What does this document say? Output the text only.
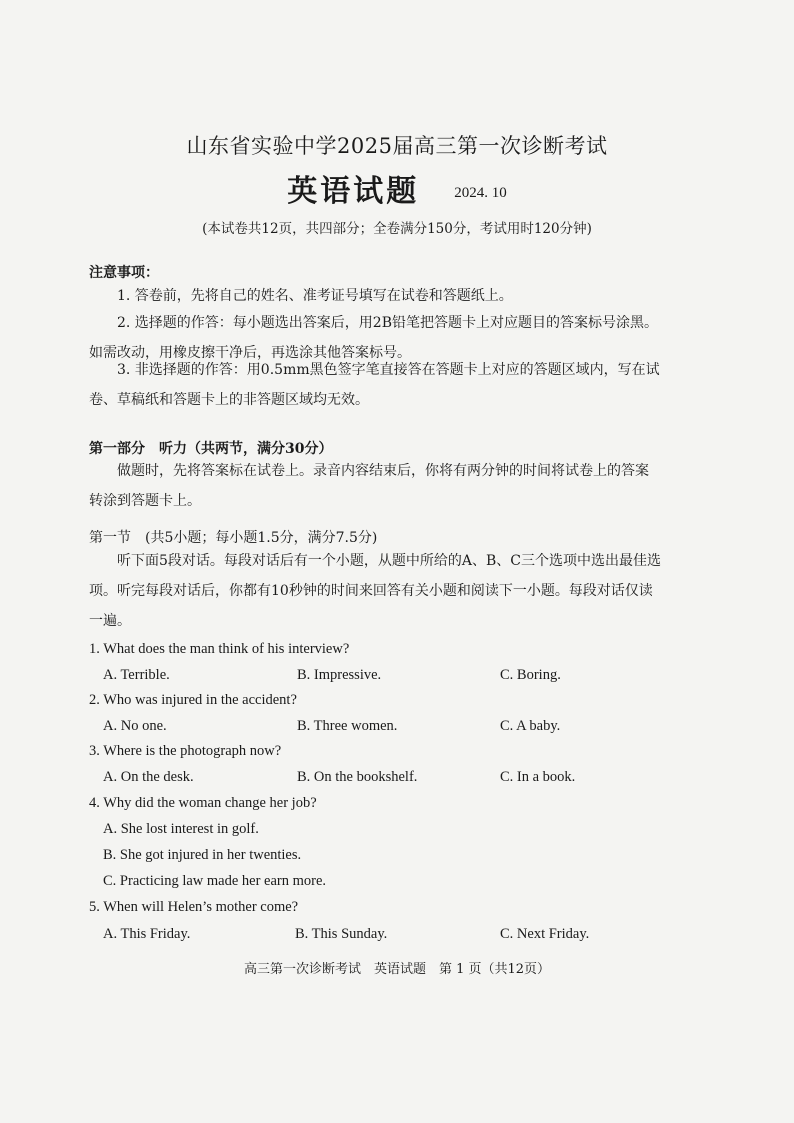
山东省实验中学2025届高三第一次诊断考试
英语试题 2024. 10
(本试卷共12页，共四部分；全卷满分150分，考试用时120分钟)
注意事项：

1. 答卷前，先将自己的姓名、准考证号填写在试卷和答题纸上。

2. 选择题的作答：每小题选出答案后，用2B铅笔把答题卡上对应题目的答案标号涂黑。如需改动，用橡皮擦干净后，再选涂其他答案标号。

3. 非选择题的作答：用0.5mm黑色签字笔直接答在答题卡上对应的答题区域内，写在试卷、草稿纸和答题卡上的非答题区域均无效。

第一部分　听力（共两节，满分30分）

做题时，先将答案标在试卷上。录音内容结束后，你将有两分钟的时间将试卷上的答案转涂到答题卡上。

第一节　(共5小题；每小题1.5分，满分7.5分)

听下面5段对话。每段对话后有一个小题，从题中所给的A、B、C三个选项中选出最佳选项。听完每段对话后，你都有10秒钟的时间来回答有关小题和阅读下一小题。每段对话仅读一遍。

1. What does the man think of his interview?
A. Terrible.	B. Impressive.	C. Boring.
2. Who was injured in the accident?
A. No one.	B. Three women.	C. A baby.
3. Where is the photograph now?
A. On the desk.	B. On the bookshelf.	C. In a book.
4. Why did the woman change her job?
A. She lost interest in golf.
B. She got injured in her twenties.
C. Practicing law made her earn more.
5. When will Helen’s mother come?
A. This Friday.	B. This Sunday.	C. Next Friday.
高三第一次诊断考试　英语试题　第 1 页（共12页）
